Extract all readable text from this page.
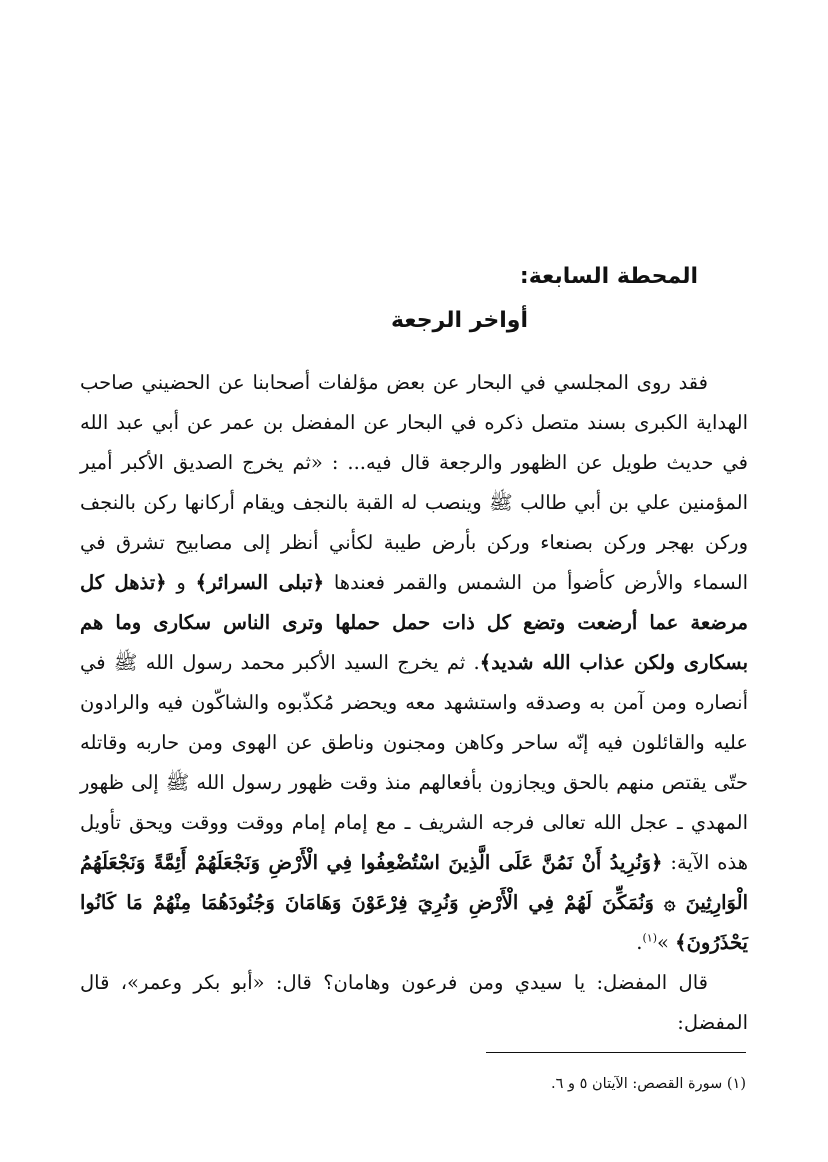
المحطة السابعة:
أواخر الرجعة

فقد روى المجلسي في البحار عن بعض مؤلفات أصحابنا عن الحضيني صاحب الهداية الكبرى بسند متصل ذكره في البحار عن المفضل بن عمر عن أبي عبد الله في حديث طويل عن الظهور والرجعة قال فيه... : «ثم يخرج الصديق الأكبر أمير المؤمنين علي بن أبي طالب ﷺ وينصب له القبة بالنجف ويقام أركانها ركن بالنجف وركن بهجر وركن بصنعاء وركن بأرض طيبة لكأني أنظر إلى مصابيح تشرق في السماء والأرض كأضوأ من الشمس والقمر فعندها ﴿تبلى السرائر﴾ و ﴿تذهل كل مرضعة عما أرضعت وتضع كل ذات حمل حملها وترى الناس سكارى وما هم بسكارى ولكن عذاب الله شديد﴾. ثم يخرج السيد الأكبر محمد رسول الله ﷺ في أنصاره ومن آمن به وصدقه واستشهد معه ويحضر مُكذّبوه والشاكّون فيه والرادون عليه والقائلون فيه إنّه ساحر وكاهن ومجنون وناطق عن الهوى ومن حاربه وقاتله حتّى يقتص منهم بالحق ويجازون بأفعالهم منذ وقت ظهور رسول الله ﷺ إلى ظهور المهدي ـ عجل الله تعالى فرجه الشريف ـ مع إمام إمام ووقت ووقت ويحق تأويل هذه الآية: ﴿وَنُرِيدُ أَنْ نَمُنَّ عَلَى الَّذِينَ اسْتُضْعِفُوا فِي الْأَرْضِ وَنَجْعَلَهُمْ أَئِمَّةً وَنَجْعَلَهُمُ الْوَارِثِينَ ۞ وَنُمَكِّنَ لَهُمْ فِي الْأَرْضِ وَنُرِيَ فِرْعَوْنَ وَهَامَانَ وَجُنُودَهُمَا مِنْهُمْ مَا كَانُوا يَحْذَرُونَ﴾ »$^{(١)}$.

قال المفضل: يا سيدي ومن فرعون وهامان؟ قال: «أبو بكر وعمر»، قال المفضل:

(١) سورة القصص: الآيتان ٥ و ٦.
